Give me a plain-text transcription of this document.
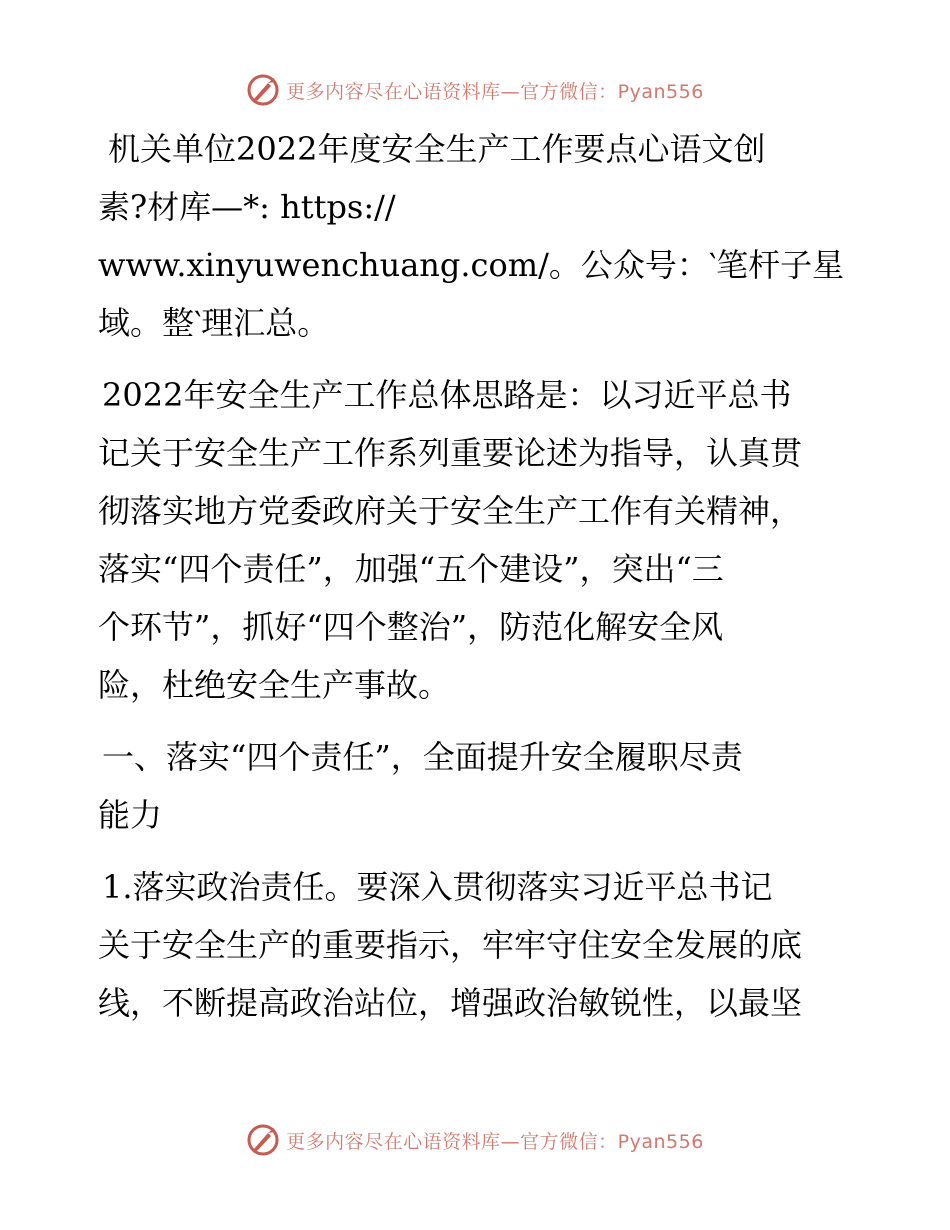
更多内容尽在心语资料库—官方微信：Pyan556
机关单位2022年度安全生产工作要点心语文创
素?材库—*: https://
www.xinyuwenchuang.com/。公众号：‵笔杆子星
域。整‵理汇总。
2022年安全生产工作总体思路是：以习近平总书
记关于安全生产工作系列重要论述为指导，认真贯
彻落实地方党委政府关于安全生产工作有关精神，
落实“四个责任”，加强“五个建设”，突出“三
个环节”，抓好“四个整治”，防范化解安全风
险，杜绝安全生产事故。
一、落实“四个责任”，全面提升安全履职尽责
能力
1.落实政治责任。要深入贯彻落实习近平总书记
关于安全生产的重要指示，牢牢守住安全发展的底
线，不断提高政治站位，增强政治敏锐性，以最坚
更多内容尽在心语资料库—官方微信：Pyan556
